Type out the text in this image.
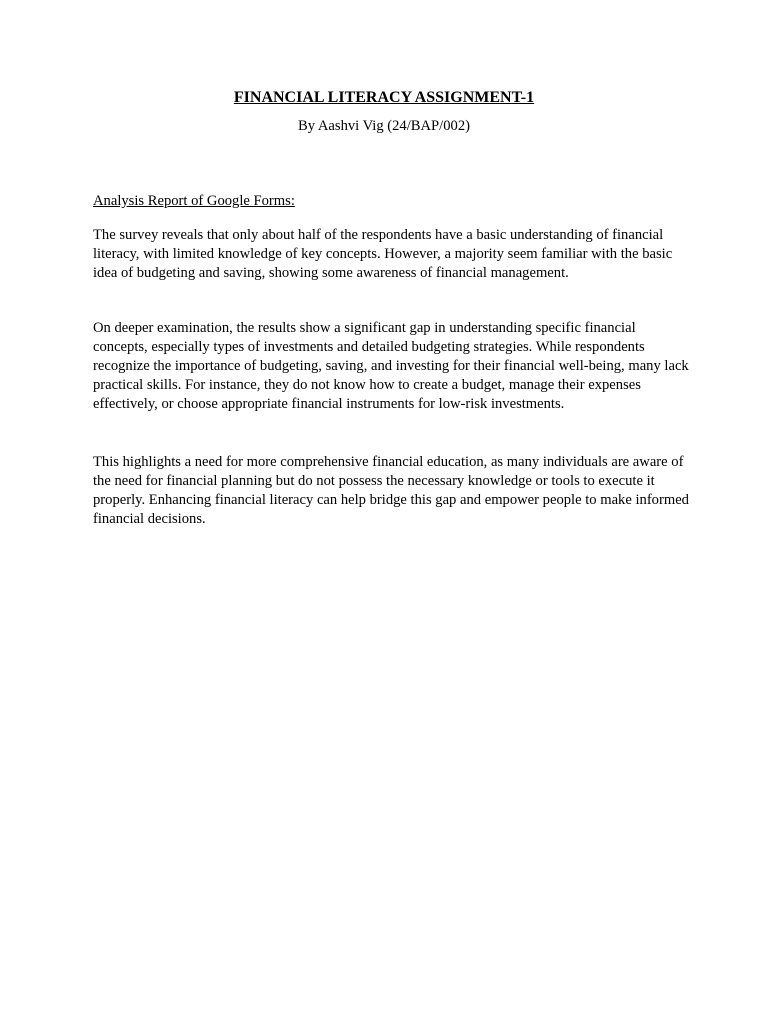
FINANCIAL LITERACY ASSIGNMENT-1
By Aashvi Vig (24/BAP/002)
Analysis Report of Google Forms:

The survey reveals that only about half of the respondents have a basic understanding of financial literacy, with limited knowledge of key concepts. However, a majority seem familiar with the basic idea of budgeting and saving, showing some awareness of financial management.

On deeper examination, the results show a significant gap in understanding specific financial concepts, especially types of investments and detailed budgeting strategies. While respondents recognize the importance of budgeting, saving, and investing for their financial well-being, many lack practical skills. For instance, they do not know how to create a budget, manage their expenses effectively, or choose appropriate financial instruments for low-risk investments.

This highlights a need for more comprehensive financial education, as many individuals are aware of the need for financial planning but do not possess the necessary knowledge or tools to execute it properly. Enhancing financial literacy can help bridge this gap and empower people to make informed financial decisions.
